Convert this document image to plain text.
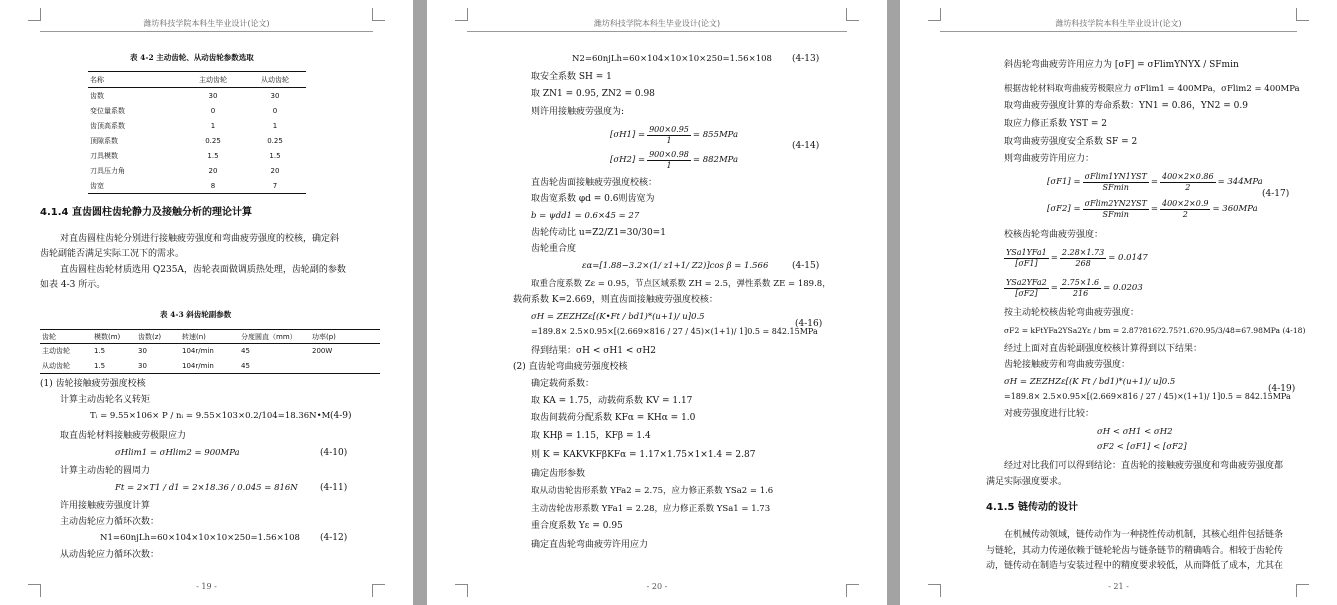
潍坊科技学院本科生毕业设计(论文)
表 4-2 主动齿轮、从动齿轮参数选取
名称	主动齿轮	从动齿轮
齿数	30	30
变位量系数	0	0
齿顶高系数	1	1
顶隙系数	0.25	0.25
刀具模数	1.5	1.5
刀具压力角	20	20
齿宽	8	7
4.1.4 直齿圆柱齿轮静力及接触分析的理论计算
对直齿圆柱齿轮分别进行接触疲劳强度和弯曲疲劳强度的校核，确定斜
齿轮副能否满足实际工况下的需求。
直齿圆柱齿轮材质选用 Q235A，齿轮表面做调质热处理，齿轮副的参数
如表 4-3 所示。
表 4-3 斜齿轮副参数
齿轮	模数(m)	齿数(z)	转速(n)	分度圆直（mm）	功率(p)
主动齿轮	1.5	30	104r/min	45	200W
从动齿轮	1.5	30	104r/min	45	
(1) 齿轮接触疲劳强度校核
计算主动齿轮名义转矩
Tᵢ = 9.55×106× P / nᵢ = 9.55×103×0.2/104=18.36N•M (4-9)
取直齿轮材料接触疲劳极限应力
σHlim1 = σHlim2 = 900MPa	(4-10)
计算主动齿轮的圆周力
Ft = 2×T1 / d1 = 2×18.36 / 0.045 = 816N (4-11)
许用接触疲劳强度计算
主动齿轮应力循环次数：
N1=60njLh=60×104×10×10×250=1.56×108 (4-12)
从动齿轮应力循环次数：
- 19 -
潍坊科技学院本科生毕业设计(论文)
N2=60njLh=60×104×10×10×250=1.56×108 (4-13)
取安全系数 SH = 1
取 ZN1 = 0.95, ZN2 = 0.98
则许用接触疲劳强度为:
$[\sigma H1] = \frac{900\times 0.95}{1} = 855MPa$
$[\sigma H2] = \frac{900\times 0.98}{1} = 882MPa$
(4-14)
直齿轮齿面接触疲劳强度校核：
取齿宽系数 φd = 0.6则齿宽为
b = ψdd1 = 0.6×45 = 27
齿轮传动比 u=Z2/Z1=30/30=1
齿轮重合度
εα=[1.88−3.2×(1/ z1+1/ Z2)]cos β = 1.566	(4-15)
取重合度系数 Zε = 0.95，节点区域系数 ZH = 2.5，弹性系数 ZE = 189.8，
载荷系数 K=2.669，则直齿面接触疲劳强度校核：
σH = ZEZHZε[(K•Ft / bd1)*(u+1)/ u]0.5
=189.8× 2.5×0.95×[(2.669×816 / 27 / 45)×(1+1)/ 1]0.5 = 842.15MPa
(4-16)
得到结果：σH < σH1 < σH2
(2) 直齿轮弯曲疲劳强度校核
确定载荷系数：
取 KA = 1.75，动载荷系数 KV = 1.17
取齿间载荷分配系数 KFα = KHα = 1.0
取 KHβ = 1.15，KFβ = 1.4
则 K = KAKVKFβKFα = 1.17×1.75×1×1.4 = 2.87
确定齿形参数
取从动齿轮齿形系数 YFa2 = 2.75，应力修正系数 YSa2 = 1.6
主动齿轮齿形系数 YFa1 = 2.28，应力修正系数 YSa1 = 1.73
重合度系数 Yε = 0.95
确定直齿轮弯曲疲劳许用应力
- 20 -
潍坊科技学院本科生毕业设计(论文)
斜齿轮弯曲疲劳许用应力为 [σF] = σFlimYNYX / SFmin
根据齿轮材料取弯曲疲劳极限应力 σFlim1 = 400MPa，σFlim2 = 400MPa
取弯曲疲劳强度计算的寿命系数：YN1 = 0.86，YN2 = 0.9
取应力修正系数 YST = 2
取弯曲疲劳强度安全系数 SF = 2
则弯曲疲劳许用应力：
$[\sigma F1] = \frac{\text{σFlim1YN1YST}}{SFmin} = \frac{400\times 2\times 0.86}{2} = 344MPa$
$[\sigma F2] = \frac{\text{σFlim2YN2YST}}{SFmin} = \frac{400\times 2\times 0.9}{2} = 360MPa$
(4-17)
校核齿轮弯曲疲劳强度：
$\frac{\text{YSa1YFa1}}{[\sigma F1]} = \frac{2.28\times 1.73}{268} = 0.0147$
$\frac{\text{YSa2YFa2}}{[\sigma F2]} = \frac{2.75\times 1.6}{216} = 0.0203$
按主动轮校核齿轮弯曲疲劳强度：
σF2 = kFtYFa2YSa2Yε / bm = 2.87?816?2.75?1.6?0.95/3/48=67.98MPa (4-18)
经过上面对直齿轮副强度校核计算得到以下结果：
齿轮接触疲劳和弯曲疲劳强度：
σH = ZEZHZε[(K Ft / bd1)*(u+1)/ u]0.5
=189.8× 2.5×0.95×[(2.669×816 / 27 / 45)×(1+1)/ 1]0.5 = 842.15MPa
(4-19)
对疲劳强度进行比较：
σH < σH1 < σH2
σF2 < [σF1] < [σF2]
经过对比我们可以得到结论：直齿轮的接触疲劳强度和弯曲疲劳强度都
满足实际强度要求。
4.1.5 链传动的设计
在机械传动领域，链传动作为一种挠性传动机制，其核心组件包括链条
与链轮，其动力传递依赖于链轮轮齿与链条链节的精确啮合。相较于齿轮传
动，链传动在制造与安装过程中的精度要求较低，从而降低了成本，尤其在
- 21 -
